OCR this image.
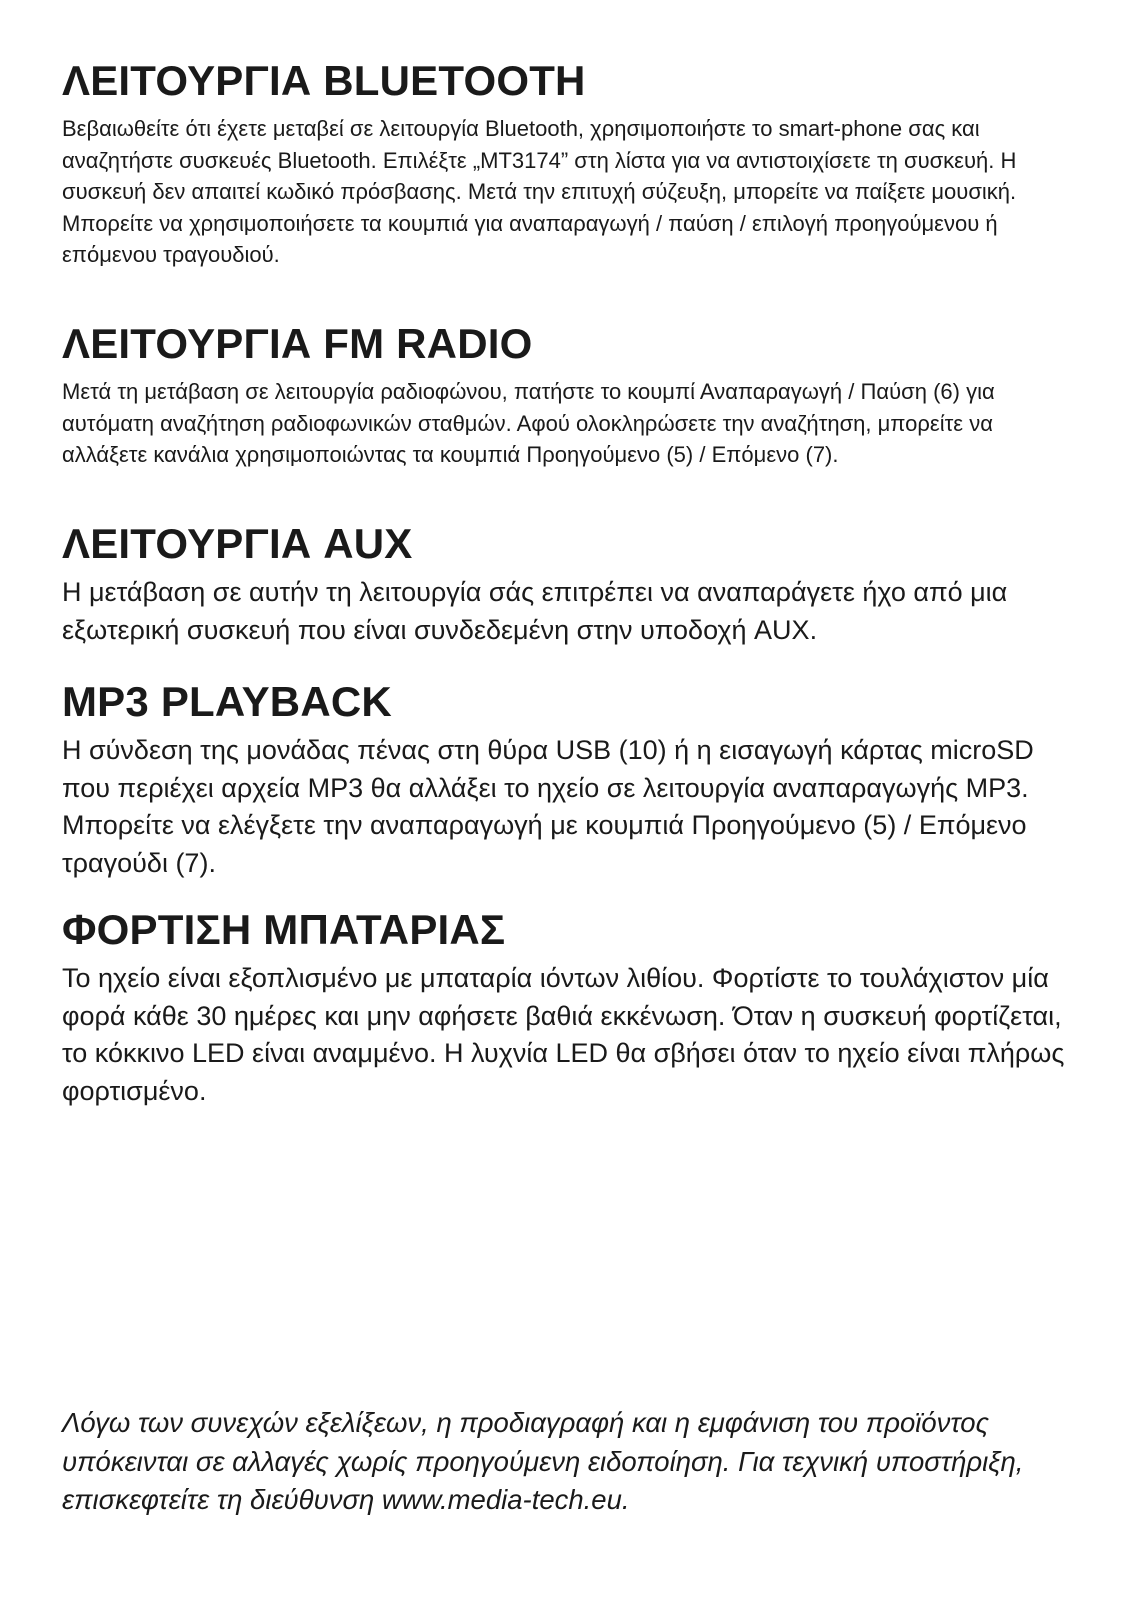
ΛΕΙΤΟΥΡΓΙΑ BLUETOOTH

Βεβαιωθείτε ότι έχετε μεταβεί σε λειτουργία Bluetooth, χρησιμοποιήστε το smart-phone σας και αναζητήστε συσκευές Bluetooth. Επιλέξτε „MT3174” στη λίστα για να αντιστοιχίσετε τη συσκευή. Η συσκευή δεν απαιτεί κωδικό πρόσβασης. Μετά την επιτυχή σύζευξη, μπορείτε να παίξετε μουσική. Μπορείτε να χρησιμοποιήσετε τα κουμπιά για αναπαραγωγή / παύση / επιλογή προηγούμενου ή επόμενου τραγουδιού.

ΛΕΙΤΟΥΡΓΙΑ FM RADIO

Μετά τη μετάβαση σε λειτουργία ραδιοφώνου, πατήστε το κουμπί Αναπαραγωγή / Παύση (6) για αυτόματη αναζήτηση ραδιοφωνικών σταθμών. Αφού ολοκληρώσετε την αναζήτηση, μπορείτε να αλλάξετε κανάλια χρησιμοποιώντας τα κουμπιά Προηγούμενο (5) / Επόμενο (7).

ΛΕΙΤΟΥΡΓΙΑ AUX

Η μετάβαση σε αυτήν τη λειτουργία σάς επιτρέπει να αναπαράγετε ήχο από μια εξωτερική συσκευή που είναι συνδεδεμένη στην υποδοχή AUX.

MP3 PLAYBACK

Η σύνδεση της μονάδας πένας στη θύρα USB (10) ή η εισαγωγή κάρτας microSD που περιέχει αρχεία MP3 θα αλλάξει το ηχείο σε λειτουργία αναπαραγωγής MP3. Μπορείτε να ελέγξετε την αναπαραγωγή με κουμπιά Προηγούμενο (5) / Επόμενο τραγούδι (7).

ΦΟΡΤΙΣΗ ΜΠΑΤΑΡΙΑΣ

Το ηχείο είναι εξοπλισμένο με μπαταρία ιόντων λιθίου. Φορτίστε το τουλάχιστον μία φορά κάθε 30 ημέρες και μην αφήσετε βαθιά εκκένωση. Όταν η συσκευή φορτίζεται, το κόκκινο LED είναι αναμμένο. Η λυχνία LED θα σβήσει όταν το ηχείο είναι πλήρως φορτισμένο.

Λόγω των συνεχών εξελίξεων, η προδιαγραφή και η εμφάνιση του προϊόντος υπόκεινται σε αλλαγές χωρίς προηγούμενη ειδοποίηση. Για τεχνική υποστήριξη, επισκεφτείτε τη διεύθυνση www.media-tech.eu.
